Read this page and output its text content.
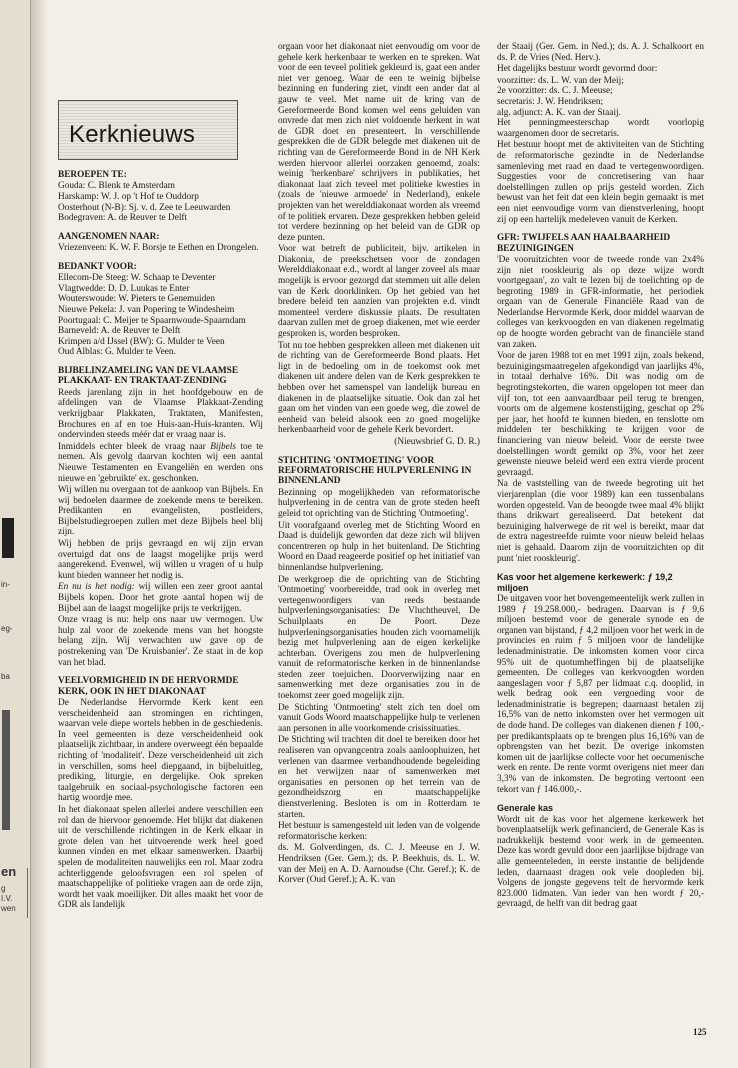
in-
eg-
ba
en
g
I.V.
wen
Kerknieuws
BEROEPEN TE:
Gouda: C. Blenk te Amsterdam
Harskamp: W. J. op 't Hof te Ouddorp
Oosterhout (N-B): Sj. v. d. Zee te Leeuwarden
Bodegraven: A. de Reuver te Delft
AANGENOMEN NAAR:

Vriezenveen: K. W. F. Borsje te Eethen en Drongelen.

BEDANKT VOOR:
Ellecom-De Steeg: W. Schaap te Deventer
Vlagtwedde: D. D. Luukas te Enter
Wouterswoude: W. Pieters te Genemuiden
Nieuwe Pekela: J. van Popering te Windesheim
Poortugaal: C. Meijer te Spaarnwoude-Spaarndam
Barneveld: A. de Reuver te Delft
Krimpen a/d IJssel (BW): G. Mulder te Veen
Oud Alblas: G. Mulder te Veen.
BIJBELINZAMELING VAN DE VLAAMSE PLAKKAAT- EN TRAKTAAT-ZENDING

Reeds jarenlang zijn in het hoofdgebouw en de afdelingen van de Vlaamse Plakkaat-Zending verkrijgbaar Plakkaten, Traktaten, Manifesten, Brochures en af en toe Huis-aan-Huis-kranten. Wij ondervinden steeds méér dat er vraag naar is.

Inmiddels echter bleek de vraag naar Bijbels toe te nemen. Als gevolg daarvan kochten wij een aantal Nieuwe Testamenten en Evangeliën en werden ons nieuwe en 'gebruikte' ex. geschonken.

Wij willen nu overgaan tot de aankoop van Bijbels. En wij bedoelen daarmee de zoekende mens te bereiken. Predikanten en evangelisten, postleiders, Bijbelstudiegroepen zullen met deze Bijbels heel blij zijn.

Wij hebben de prijs gevraagd en wij zijn ervan overtuigd dat ons de laagst mogelijke prijs werd aangerekend. Evenwel, wij willen u vragen of u hulp kunt bieden wanneer het nodig is.

En nu is het nodig: wij willen een zeer groot aantal Bijbels kopen. Door het grote aantal hopen wij de Bijbel aan de laagst mogelijke prijs te verkrijgen.

Onze vraag is nu: help ons naar uw vermogen. Uw hulp zal voor de zoekende mens van het hoogste belang zijn. Wij verwachten uw gave op de postrekening van 'De Kruisbanier'. Ze staat in de kop van het blad.

VEELVORMIGHEID IN DE HERVORMDE KERK, OOK IN HET DIAKONAAT

De Nederlandse Hervormde Kerk kent een verscheidenheid aan stromingen en richtingen, waarvan vele diepe wortels hebben in de geschiedenis. In veel gemeenten is deze verscheidenheid ook plaatselijk zichtbaar, in andere overweegt één bepaalde richting of 'modaliteit'. Deze verscheidenheid uit zich in verschillen, soms heel diepgaand, in bijbeluitleg, prediking, liturgie, en dergelijke. Ook spreken taalgebruik en sociaal-psychologische factoren een hartig woordje mee.

In het diakonaat spelen allerlei andere verschillen een rol dan de hiervoor genoemde. Het blijkt dat diakenen uit de verschillende richtingen in de Kerk elkaar in grote delen van het uitvoerende werk heel goed kunnen vinden en met elkaar samenwerken. Daarbij spelen de modaliteiten nauwelijks een rol. Maar zodra achterliggende geloofsvragen een rol spelen of maatschappelijke of politieke vragen aan de orde zijn, wordt het vaak moeilijker. Dit alles maakt het voor de GDR als landelijk

orgaan voor het diakonaat niet eenvoudig om voor de gehele kerk herkenbaar te werken en te spreken. Wat voor de een teveel politiek gekleurd is, gaat een ander niet ver genoeg. Waar de een te weinig bijbelse bezinning en fundering ziet, vindt een ander dat al gauw te veel. Met name uit de kring van de Gereformeerde Bond komen wel eens geluiden van onvrede dat men zich niet voldoende herkent in wat de GDR doet en presenteert. In verschillende gesprekken die de GDR belegde met diakenen uit de richting van de Gereformeerde Bond in de NH Kerk werden hiervoor allerlei oorzaken genoemd, zoals: weinig 'herkenbare' schrijvers in publikaties, het diakonaat laat zich teveel met politieke kwesties in (zoals de 'nieuwe armoede' in Nederland), enkele projekten van het werelddiakonaat worden als vreemd of te politiek ervaren. Deze gesprekken hebben geleid tot verdere bezinning op het beleid van de GDR op deze punten.

Voor wat betreft de publiciteit, bijv. artikelen in Diakonia, de preekschetsen voor de zondagen Werelddiakonaat e.d., wordt al langer zoveel als maar mogelijk is ervoor gezorgd dat stemmen uit alle delen van de Kerk doorklinken. Op het gebied van het bredere beleid ten aanzien van projekten e.d. vindt momenteel verdere diskussie plaats. De resultaten daarvan zullen met de groep diakenen, met wie eerder gesproken is, worden besproken.

Tot nu toe hebben gesprekken alleen met diakenen uit de richting van de Gereformeerde Bond plaats. Het ligt in de bedoeling om in de toekomst ook met diakenen uit andere delen van de Kerk gesprekken te hebben over het samenspel van landelijk bureau en diakenen in de plaatselijke situatie. Ook dan zal het gaan om het vinden van een goede weg, die zowel de eenheid van beleid alsook een zo goed mogelijke herkenbaarheid voor de gehele Kerk bevordert.

(Nieuwsbrief G. D. R.)

STICHTING 'ONTMOETING' VOOR REFORMATORISCHE HULPVERLENING IN BINNENLAND

Bezinning op mogelijkheden van reformatorische hulpverlening in de centra van de grote steden heeft geleid tot oprichting van de Stichting 'Ontmoeting'.

Uit voorafgaand overleg met de Stichting Woord en Daad is duidelijk geworden dat deze zich wil blijven concentreren op hulp in het buitenland. De Stichting Woord en Daad reageerde positief op het initiatief van binnenlandse hulpverlening.

De werkgroep die de oprichting van de Stichting 'Ontmoeting' voorbereidde, trad ook in overleg met vertegenwoordigers van reeds bestaande hulpverleningsorganisaties: De Vluchtheuvel, De Schuilplaats en De Poort. Deze hulpverleningsorganisaties houden zich voornamelijk bezig met hulpverlening aan de eigen kerkelijke achterban. Overigens zou men de hulpverlening vanuit de reformatorische kerken in de binnenlandse steden zeer toejuichen. Doorverwijzing naar en samenwerking met deze organisaties zou in de toekomst zeer goed mogelijk zijn.

De Stichting 'Ontmoeting' stelt zich ten doel om vanuit Gods Woord maatschappelijke hulp te verlenen aan personen in alle voorkomende crisissituaties.

De Stichting wil trachten dit doel te bereiken door het realiseren van opvangcentra zoals aanloophuizen, het verlenen van daarmee verbandhoudende begeleiding en het verwijzen naar of samenwerken met organisaties en personen op het terrein van de gezondheidszorg en maatschappelijke dienstverlening. Besloten is om in Rotterdam te starten.

Het bestuur is samengesteld uit leden van de volgende reformatorische kerken:

ds. M. Golverdingen, ds. C. J. Meeuse en J. W. Hendriksen (Ger. Gem.); ds. P. Beekhuis, ds. L. W. van der Meij en A. D. Aarnoudse (Chr. Geref.); K. de Korver (Oud Geref.); A. K. van

der Staaij (Ger. Gem. in Ned.); ds. A. J. Schalkoort en ds. P. de Vries (Ned. Herv.).

Het dagelijks bestuur wordt gevormd door:

voorzitter: ds. L. W. van der Meij;
2e voorzitter: ds. C. J. Meeuse;
secretaris: J. W. Hendriksen;
alg. adjunct: A. K. van der Staaij.

Het penningmeesterschap wordt voorlopig waargenomen door de secretaris.

Het bestuur hoopt met de aktiviteiten van de Stichting de reformatorische gezindte in de Nederlandse samenleving met raad en daad te vertegenwoordigen. Suggesties voor de concretisering van haar doelstellingen zullen op prijs gesteld worden. Zich bewust van het feit dat een klein begin gemaakt is met een niet eenvoudige vorm van dienstverlening, hoopt zij op een hartelijk medeleven vanuit de Kerken.

GFR: TWIJFELS AAN HAALBAARHEID BEZUINIGINGEN

'De vooruitzichten voor de tweede ronde van 2x4% zijn niet rooskleurig als op deze wijze wordt voortgegaan', zo valt te lezen bij de toelichting op de begroting 1989 in GFR-informatie, het periodiek orgaan van de Generale Financiële Raad van de Nederlandse Hervormde Kerk, door middel waarvan de colleges van kerkvoogden en van diakenen regelmatig op de hoogte worden gebracht van de financiële stand van zaken.

Voor de jaren 1988 tot en met 1991 zijn, zoals bekend, bezuinigingsmaatregelen afgekondigd van jaarlijks 4%, in totaal derhalve 16%. Dit was nodig om de begrotingstekorten, die waren opgelopen tot meer dan vijf ton, tot een aanvaardbaar peil terug te brengen, voorts om de algemene kostenstijging, geschat op 2% per jaar, het hoofd te kunnen bieden, en tenslotte om middelen ter beschikking te krijgen voor de financiering van nieuw beleid. Voor de eerste twee doelstellingen wordt gemikt op 3%, voor het zeer gewenste nieuwe beleid werd een extra vierde procent gevraagd.

Na de vaststelling van de tweede begroting uit het vierjarenplan (die voor 1989) kan een tussenbalans worden opgesteld. Van de beoogde twee maal 4% blijkt thans drikwart gerealiseerd. Dat betekent dat bezuiniging halverwege de rit wel is bereikt, maar dat de extra nagestreefde ruimte voor nieuw beleid helaas niet is gehaald. Daarom zijn de vooruitzichten op dit punt 'niet rooskleurig'.

Kas voor het algemene kerkewerk: ƒ 19,2 miljoen

De uitgaven voor het bovengemeentelijk werk zullen in 1989 ƒ 19.258.000,- bedragen. Daarvan is ƒ 9,6 miljoen bestemd voor de generale synode en de organen van bijstand, ƒ 4,2 miljoen voor het werk in de provincies en ruim ƒ 5 miljoen voor de landelijke ledenadministratie. De inkomsten komen voor circa 95% uit de quotumheffingen bij de plaatselijke gemeenten. De colleges van kerkvoogden worden aangeslagen voor ƒ 5,87 per lidmaat c.q. dooplid, in welk bedrag ook een vergoeding voor de ledenadministratie is begrepen; daarnaast betalen zij 16,5% van de netto inkomsten over het vermogen uit de dode hand. De colleges van diakenen dienen ƒ 100,- per predikantsplaats op te brengen plus 16,16% van de opbrengsten van het bezit. De overige inkomsten komen uit de jaarlijkse collecte voor het oecumenische werk en rente. De rente vormt overigens niet meer dan 3,3% van de inkomsten. De begroting vertoont een tekort van ƒ 146.000,-.

Generale kas

Wordt uit de kas voor het algemene kerkewerk het bovenplaatselijk werk gefinancierd, de Generale Kas is nadrukkelijk bestemd voor werk in de gemeenten. Deze kas wordt gevuld door een jaarlijkse bijdrage van alle gemeenteleden, in eerste instantie de belijdende leden, daarnaast dragen ook vele doopleden bij. Volgens de jongste gegevens telt de hervormde kerk 823.000 lidmaten. Van ieder van hen wordt ƒ 20,- gevraagd, de helft van dit bedrag gaat

125
